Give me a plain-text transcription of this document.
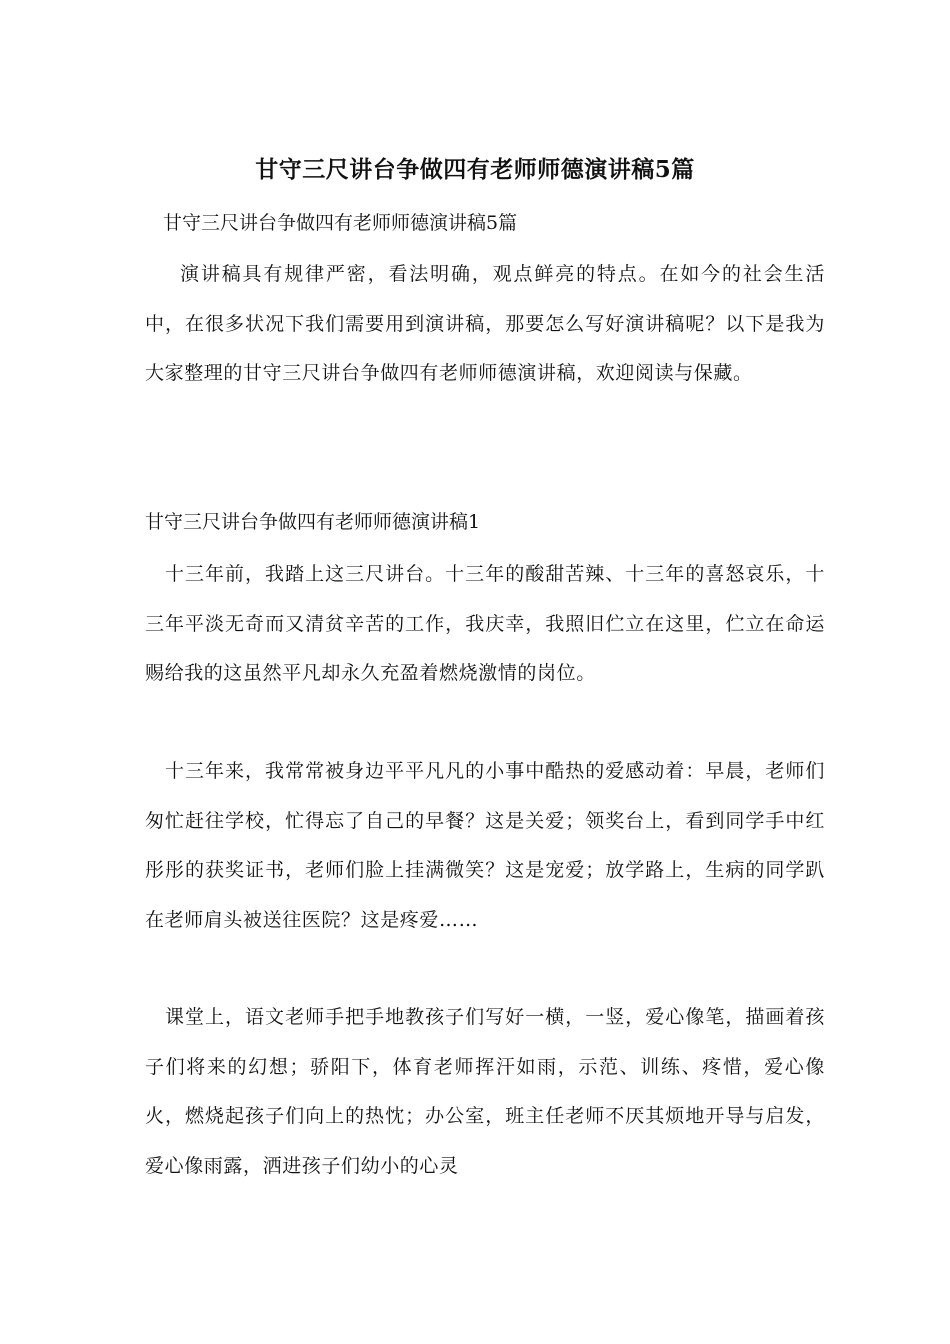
甘守三尺讲台争做四有老师师德演讲稿5篇
甘守三尺讲台争做四有老师师德演讲稿5篇

演讲稿具有规律严密，看法明确，观点鲜亮的特点。在如今的社会生活中，在很多状况下我们需要用到演讲稿，那要怎么写好演讲稿呢？以下是我为大家整理的甘守三尺讲台争做四有老师师德演讲稿，欢迎阅读与保藏。

甘守三尺讲台争做四有老师师德演讲稿1

十三年前，我踏上这三尺讲台。十三年的酸甜苦辣、十三年的喜怒哀乐，十三年平淡无奇而又清贫辛苦的工作，我庆幸，我照旧伫立在这里，伫立在命运赐给我的这虽然平凡却永久充盈着燃烧激情的岗位。

十三年来，我常常被身边平平凡凡的小事中酷热的爱感动着：早晨，老师们匆忙赶往学校，忙得忘了自己的早餐？这是关爱；领奖台上，看到同学手中红彤彤的获奖证书，老师们脸上挂满微笑？这是宠爱；放学路上，生病的同学趴在老师肩头被送往医院？这是疼爱……

课堂上，语文老师手把手地教孩子们写好一横，一竖，爱心像笔，描画着孩子们将来的幻想；骄阳下，体育老师挥汗如雨，示范、训练、疼惜，爱心像火，燃烧起孩子们向上的热忱；办公室，班主任老师不厌其烦地开导与启发，爱心像雨露，洒进孩子们幼小的心灵
